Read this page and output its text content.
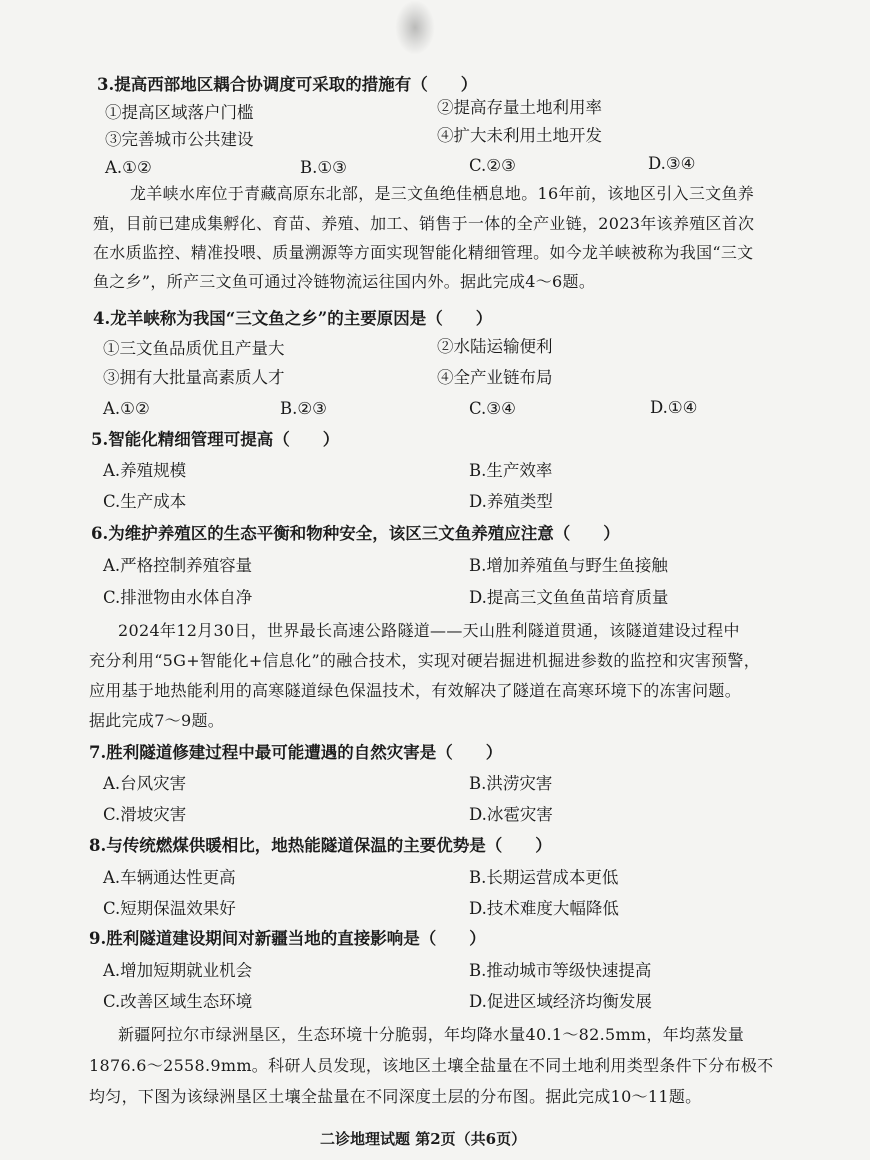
3.提高西部地区耦合协调度可采取的措施有（　　）
①提高区域落户门槛	②提高存量土地利用率
③完善城市公共建设	④扩大未利用土地开发
A.①②	B.①③	C.②③	D.③④
龙羊峡水库位于青藏高原东北部，是三文鱼绝佳栖息地。16年前，该地区引入三文鱼养
殖，目前已建成集孵化、育苗、养殖、加工、销售于一体的全产业链，2023年该养殖区首次
在水质监控、精准投喂、质量溯源等方面实现智能化精细管理。如今龙羊峡被称为我国“三文
鱼之乡”，所产三文鱼可通过冷链物流运往国内外。据此完成4～6题。
4.龙羊峡称为我国“三文鱼之乡”的主要原因是（　　）
①三文鱼品质优且产量大	②水陆运输便利
③拥有大批量高素质人才	④全产业链布局
A.①②	B.②③	C.③④	D.①④
5.智能化精细管理可提高（　　）
A.养殖规模	B.生产效率
C.生产成本	D.养殖类型
6.为维护养殖区的生态平衡和物种安全，该区三文鱼养殖应注意（　　）
A.严格控制养殖容量	B.增加养殖鱼与野生鱼接触
C.排泄物由水体自净	D.提高三文鱼鱼苗培育质量
2024年12月30日，世界最长高速公路隧道——天山胜利隧道贯通，该隧道建设过程中
充分利用“5G+智能化+信息化”的融合技术，实现对硬岩掘进机掘进参数的监控和灾害预警，
应用基于地热能利用的高寒隧道绿色保温技术，有效解决了隧道在高寒环境下的冻害问题。
据此完成7～9题。
7.胜利隧道修建过程中最可能遭遇的自然灾害是（　　）
A.台风灾害	B.洪涝灾害
C.滑坡灾害	D.冰雹灾害
8.与传统燃煤供暖相比，地热能隧道保温的主要优势是（　　）
A.车辆通达性更高	B.长期运营成本更低
C.短期保温效果好	D.技术难度大幅降低
9.胜利隧道建设期间对新疆当地的直接影响是（　　）
A.增加短期就业机会	B.推动城市等级快速提高
C.改善区域生态环境	D.促进区域经济均衡发展
新疆阿拉尔市绿洲垦区，生态环境十分脆弱，年均降水量40.1～82.5mm，年均蒸发量
1876.6～2558.9mm。科研人员发现，该地区土壤全盐量在不同土地利用类型条件下分布极不
均匀，下图为该绿洲垦区土壤全盐量在不同深度土层的分布图。据此完成10～11题。
二诊地理试题 第2页（共6页）
